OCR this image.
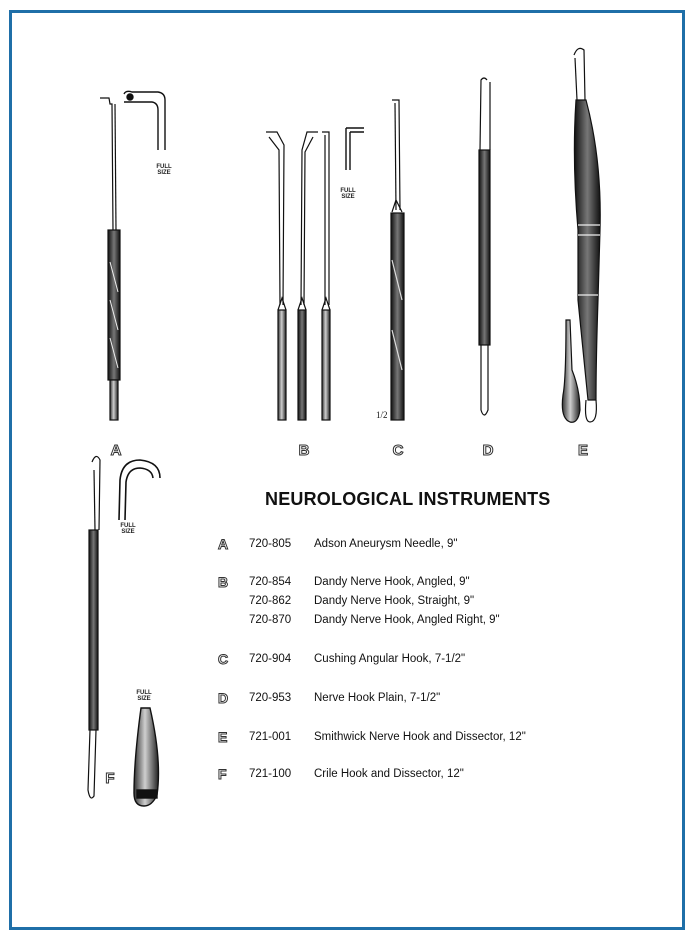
FULL SIZE
FULL SIZE
FULL SIZE
FULL SIZE
1/2
A	B	C	D	E
F
NEUROLOGICAL INSTRUMENTS
A	720-805 Adson Aneurysm Needle, 9"
B	720-854 Dandy Nerve Hook, Angled, 9"
720-862 Dandy Nerve Hook, Straight, 9"
720-870 Dandy Nerve Hook, Angled Right, 9"
C	720-904 Cushing Angular Hook, 7-1/2"
D	720-953 Nerve Hook Plain, 7-1/2"
E	721-001 Smithwick Nerve Hook and Dissector, 12"
F	721-100 Crile Hook and Dissector, 12"
